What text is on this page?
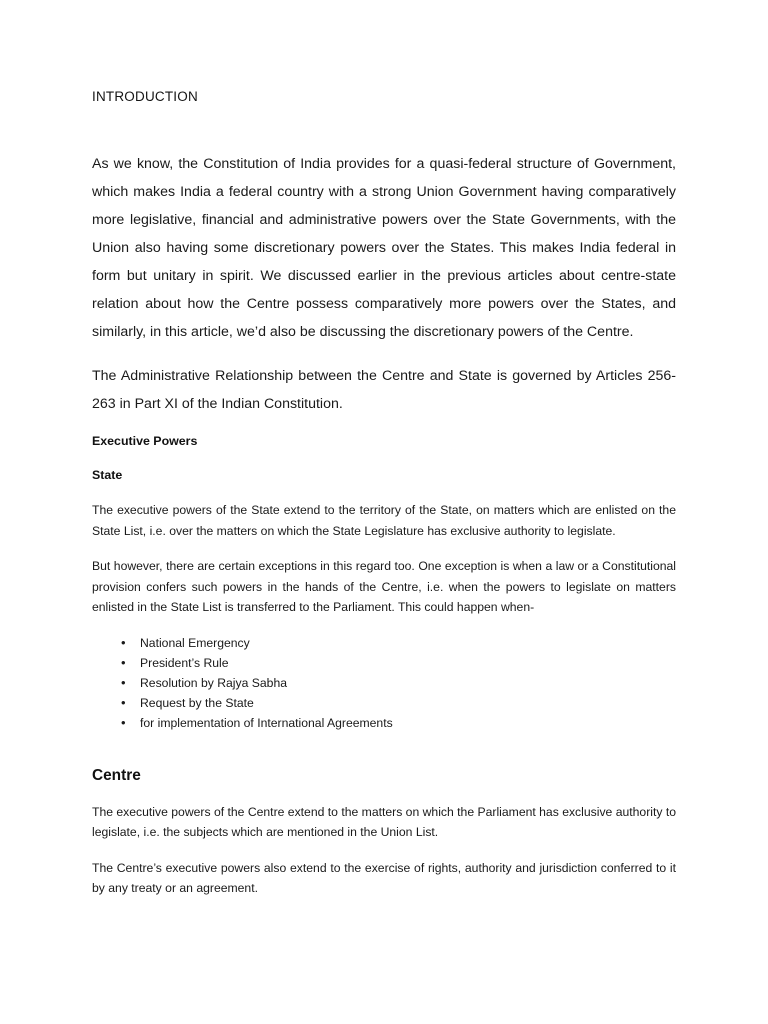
INTRODUCTION

As we know, the Constitution of India provides for a quasi-federal structure of Government, which makes India a federal country with a strong Union Government having comparatively more legislative, financial and administrative powers over the State Governments, with the Union also having some discretionary powers over the States. This makes India federal in form but unitary in spirit. We discussed earlier in the previous articles about centre-state relation about how the Centre possess comparatively more powers over the States, and similarly, in this article, we’d also be discussing the discretionary powers of the Centre.

The Administrative Relationship between the Centre and State is governed by Articles 256-263 in Part XI of the Indian Constitution.

Executive Powers
State

The executive powers of the State extend to the territory of the State, on matters which are enlisted on the State List, i.e. over the matters on which the State Legislature has exclusive authority to legislate.

But however, there are certain exceptions in this regard too. One exception is when a law or a Constitutional provision confers such powers in the hands of the Centre, i.e. when the powers to legislate on matters enlisted in the State List is transferred to the Parliament. This could happen when-

• National Emergency
• President’s Rule
• Resolution by Rajya Sabha
• Request by the State
• for implementation of International Agreements
Centre

The executive powers of the Centre extend to the matters on which the Parliament has exclusive authority to legislate, i.e. the subjects which are mentioned in the Union List.

The Centre’s executive powers also extend to the exercise of rights, authority and jurisdiction conferred to it by any treaty or an agreement.
